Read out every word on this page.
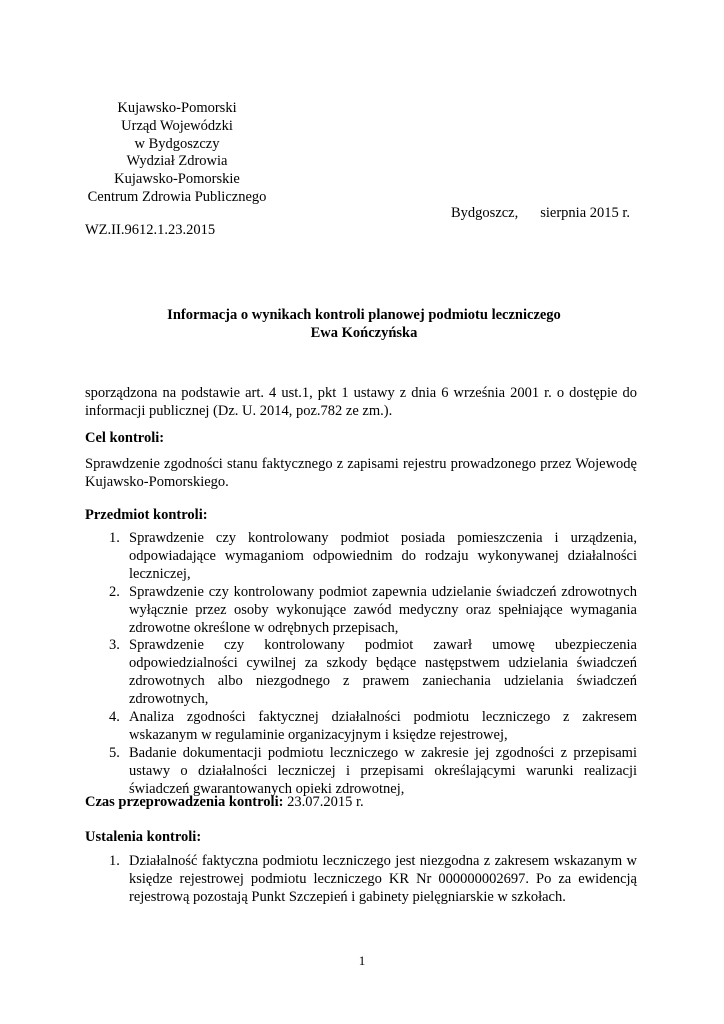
Kujawsko-Pomorski
Urząd Wojewódzki
w Bydgoszczy
Wydział Zdrowia
Kujawsko-Pomorskie
Centrum Zdrowia Publicznego
Bydgoszcz, sierpnia 2015 r.
WZ.II.9612.1.23.2015
Informacja o wynikach kontroli planowej podmiotu leczniczego
Ewa Kończyńska
sporządzona na podstawie art. 4 ust.1, pkt 1 ustawy z dnia 6 września 2001 r. o dostępie do informacji publicznej (Dz. U. 2014, poz.782 ze zm.).
Cel kontroli:
Sprawdzenie zgodności stanu faktycznego z zapisami rejestru prowadzonego przez Wojewodę Kujawsko-Pomorskiego.
Przedmiot kontroli:
1. Sprawdzenie czy kontrolowany podmiot posiada pomieszczenia i urządzenia, odpowiadające wymaganiom odpowiednim do rodzaju wykonywanej działalności leczniczej,
2. Sprawdzenie czy kontrolowany podmiot zapewnia udzielanie świadczeń zdrowotnych wyłącznie przez osoby wykonujące zawód medyczny oraz spełniające wymagania zdrowotne określone w odrębnych przepisach,
3. Sprawdzenie czy kontrolowany podmiot zawarł umowę ubezpieczenia odpowiedzialności cywilnej za szkody będące następstwem udzielania świadczeń zdrowotnych albo niezgodnego z prawem zaniechania udzielania świadczeń zdrowotnych,
4. Analiza zgodności faktycznej działalności podmiotu leczniczego z zakresem wskazanym w regulaminie organizacyjnym i księdze rejestrowej,
5. Badanie dokumentacji podmiotu leczniczego w zakresie jej zgodności z przepisami ustawy o działalności leczniczej i przepisami określającymi warunki realizacji świadczeń gwarantowanych opieki zdrowotnej,
Czas przeprowadzenia kontroli: 23.07.2015 r.
Ustalenia kontroli:
1. Działalność faktyczna podmiotu leczniczego jest niezgodna z zakresem wskazanym w księdze rejestrowej podmiotu leczniczego KR Nr 000000002697. Po za ewidencją rejestrową pozostają Punkt Szczepień i gabinety pielęgniarskie w szkołach.
1
